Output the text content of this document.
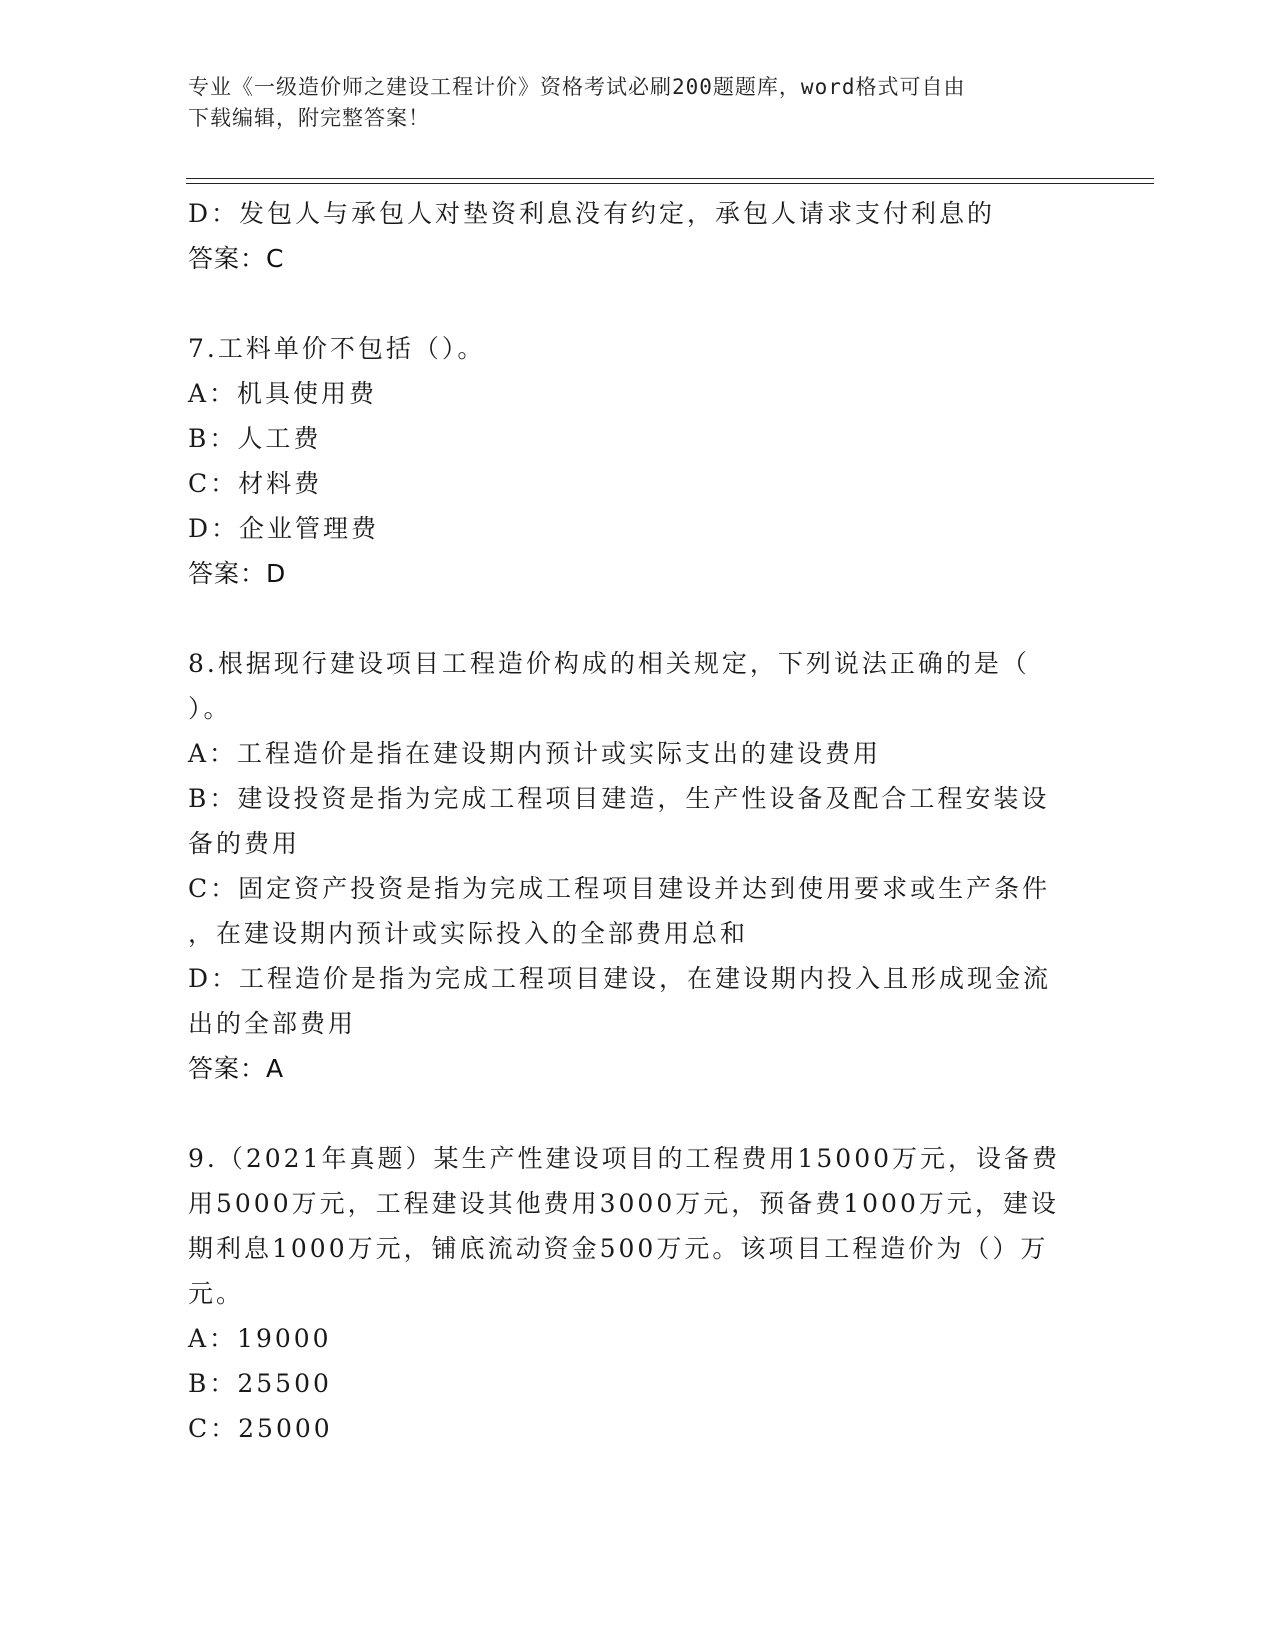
专业《一级造价师之建设工程计价》资格考试必刷200题题库，word格式可自由
下载编辑，附完整答案！
D：发包人与承包人对垫资利息没有约定，承包人请求支付利息的
答案：C
7.工料单价不包括（）。
A：机具使用费
B：人工费
C：材料费
D：企业管理费
答案：D
8.根据现行建设项目工程造价构成的相关规定，下列说法正确的是（
）。
A：工程造价是指在建设期内预计或实际支出的建设费用
B：建设投资是指为完成工程项目建造，生产性设备及配合工程安装设
备的费用
C：固定资产投资是指为完成工程项目建设并达到使用要求或生产条件
，在建设期内预计或实际投入的全部费用总和
D：工程造价是指为完成工程项目建设，在建设期内投入且形成现金流
出的全部费用
答案：A
9.（2021年真题）某生产性建设项目的工程费用15000万元，设备费
用5000万元，工程建设其他费用3000万元，预备费1000万元，建设
期利息1000万元，铺底流动资金500万元。该项目工程造价为（）万
元。
A：19000
B：25500
C：25000
